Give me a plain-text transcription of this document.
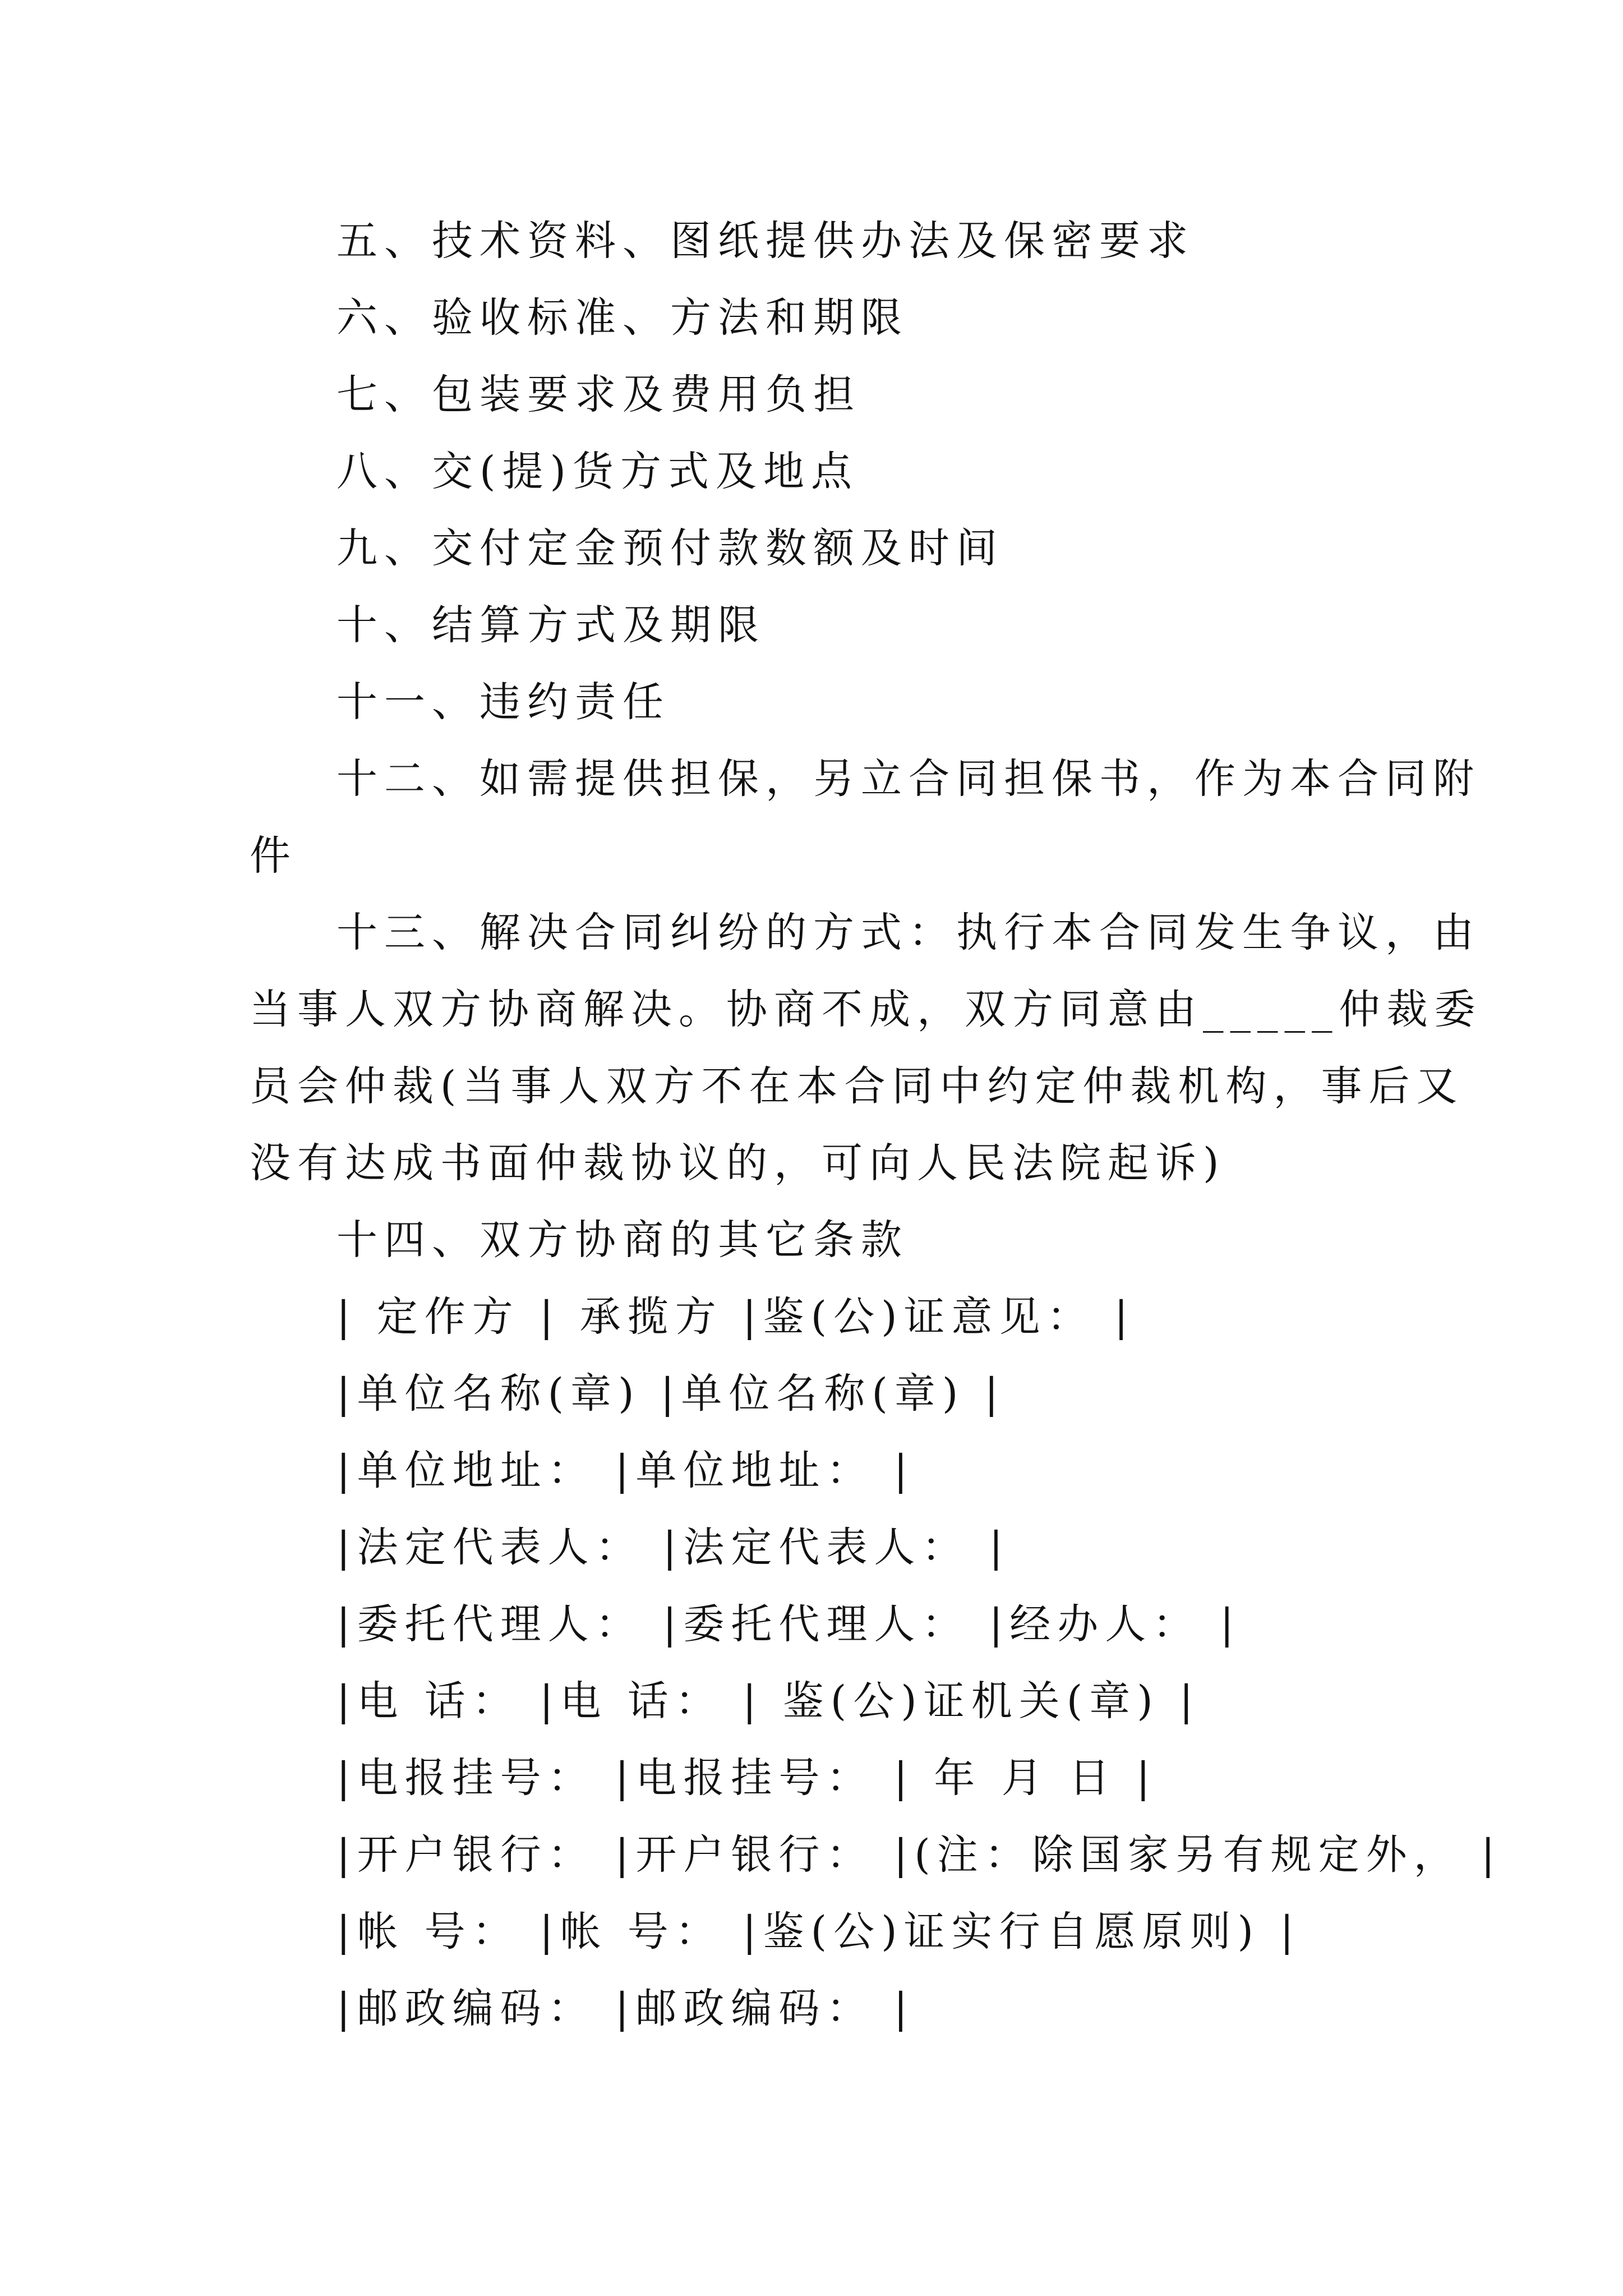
五、技术资料、图纸提供办法及保密要求

六、验收标准、方法和期限

七、包装要求及费用负担

八、交(提)货方式及地点

九、交付定金预付款数额及时间

十、结算方式及期限

十一、违约责任

十二、如需提供担保，另立合同担保书，作为本合同附

件

十三、解决合同纠纷的方式：执行本合同发生争议，由

当事人双方协商解决。协商不成，双方同意由_____仲裁委

员会仲裁(当事人双方不在本合同中约定仲裁机构，事后又

没有达成书面仲裁协议的，可向人民法院起诉)

十四、双方协商的其它条款

| 定作方 | 承揽方 |鉴(公)证意见： |

|单位名称(章) |单位名称(章) |

|单位地址： |单位地址： |

|法定代表人： |法定代表人： |

|委托代理人： |委托代理人： |经办人： |

|电 话： |电 话： | 鉴(公)证机关(章) |

|电报挂号： |电报挂号： | 年 月 日 |

|开户银行： |开户银行： |(注：除国家另有规定外， |

|帐 号： |帐 号： |鉴(公)证实行自愿原则) |

|邮政编码： |邮政编码： |
